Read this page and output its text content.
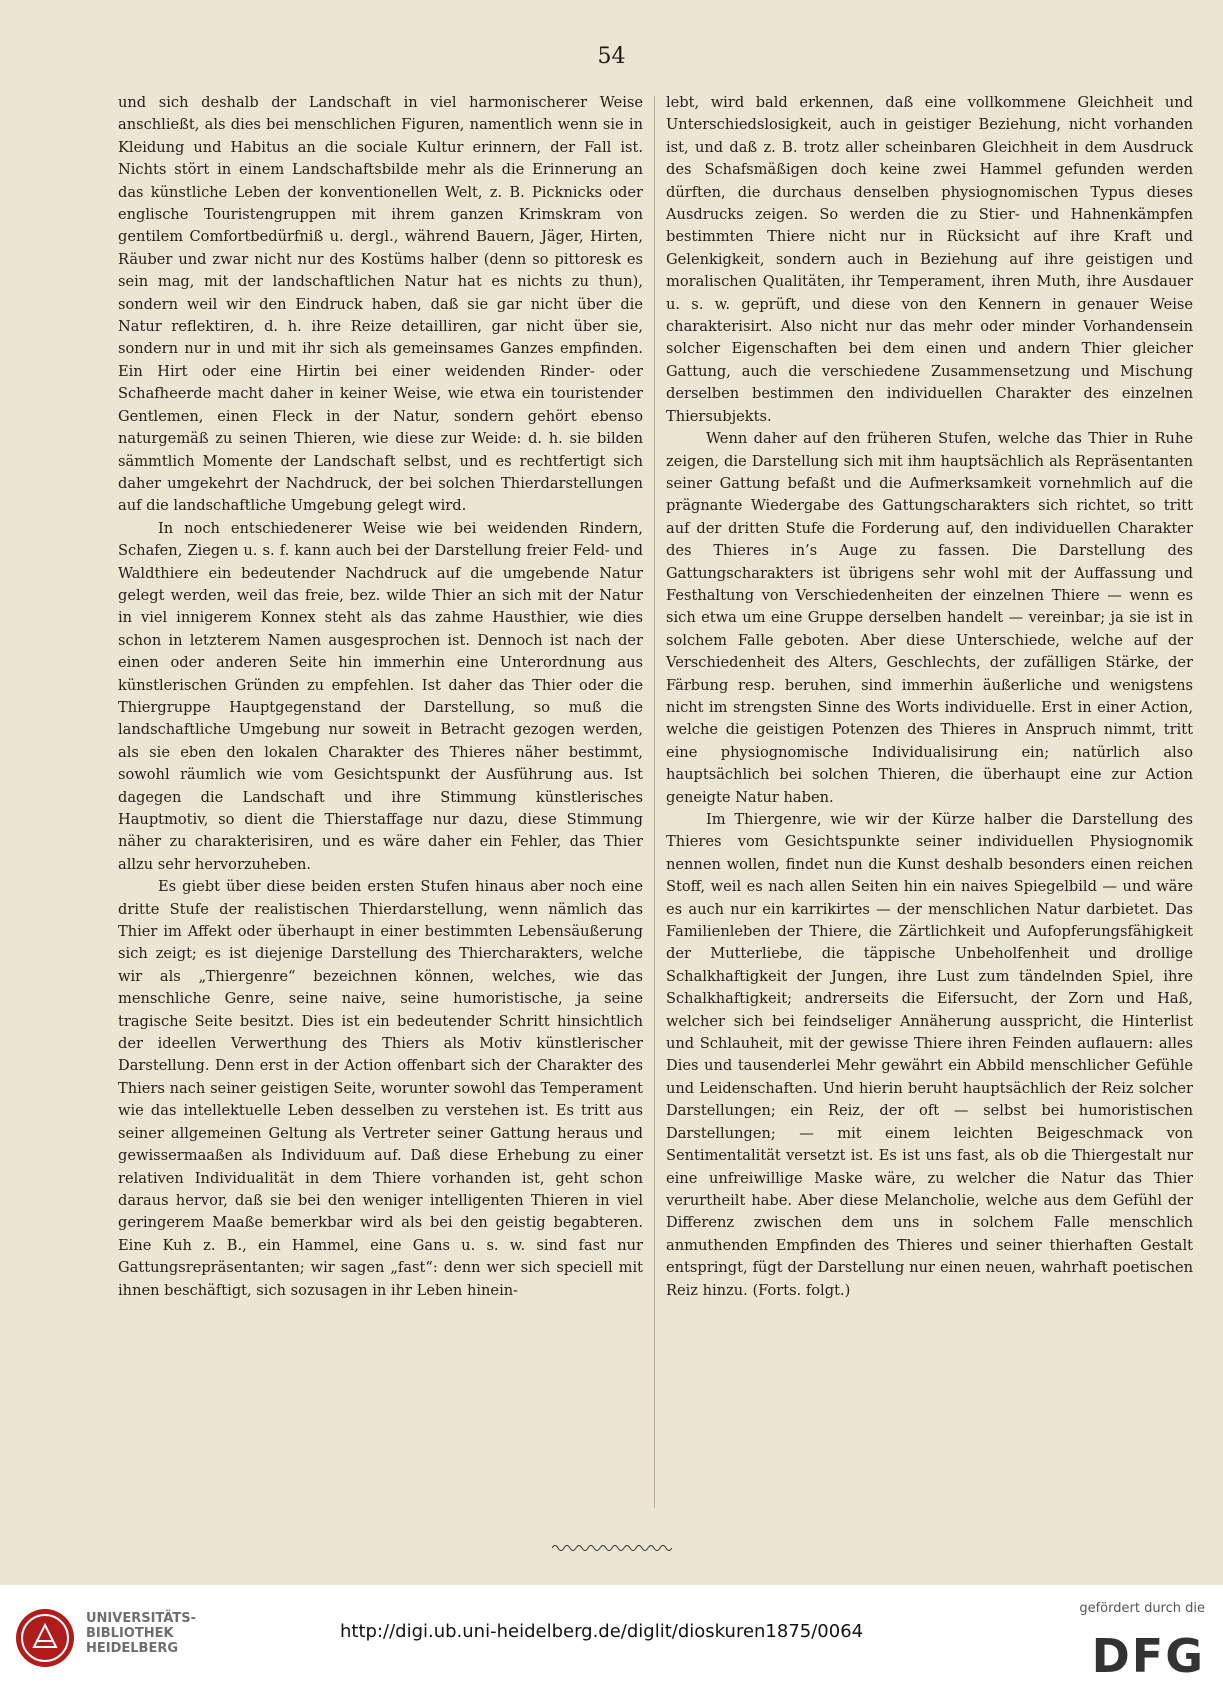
54

und sich deshalb der Landschaft in viel harmonischerer Weise anschließt, als dies bei menschlichen Figuren, namentlich wenn sie in Kleidung und Habitus an die sociale Kultur erinnern, der Fall ist. Nichts stört in einem Landschaftsbilde mehr als die Erinnerung an das künstliche Leben der konventionellen Welt, z. B. Picknicks oder englische Touristengruppen mit ihrem ganzen Krimskram von gentilem Comfortbedürfniß u. dergl., während Bauern, Jäger, Hirten, Räuber und zwar nicht nur des Kostüms halber (denn so pittoresk es sein mag, mit der landschaftlichen Natur hat es nichts zu thun), sondern weil wir den Eindruck haben, daß sie gar nicht über die Natur reflektiren, d. h. ihre Reize detailliren, gar nicht über sie, sondern nur in und mit ihr sich als gemeinsames Ganzes empfinden. Ein Hirt oder eine Hirtin bei einer weidenden Rinder- oder Schafheerde macht daher in keiner Weise, wie etwa ein touristender Gentlemen, einen Fleck in der Natur, sondern gehört ebenso naturgemäß zu seinen Thieren, wie diese zur Weide: d. h. sie bilden sämmtlich Momente der Landschaft selbst, und es rechtfertigt sich daher umgekehrt der Nachdruck, der bei solchen Thierdarstellungen auf die landschaftliche Umgebung gelegt wird.

In noch entschiedenerer Weise wie bei weidenden Rindern, Schafen, Ziegen u. s. f. kann auch bei der Darstellung freier Feld- und Waldthiere ein bedeutender Nachdruck auf die umgebende Natur gelegt werden, weil das freie, bez. wilde Thier an sich mit der Natur in viel innigerem Konnex steht als das zahme Hausthier, wie dies schon in letzterem Namen ausgesprochen ist. Dennoch ist nach der einen oder anderen Seite hin immerhin eine Unterordnung aus künstlerischen Gründen zu empfehlen. Ist daher das Thier oder die Thiergruppe Hauptgegenstand der Darstellung, so muß die landschaftliche Umgebung nur soweit in Betracht gezogen werden, als sie eben den lokalen Charakter des Thieres näher bestimmt, sowohl räumlich wie vom Gesichtspunkt der Ausführung aus. Ist dagegen die Landschaft und ihre Stimmung künstlerisches Hauptmotiv, so dient die Thierstaffage nur dazu, diese Stimmung näher zu charakterisiren, und es wäre daher ein Fehler, das Thier allzu sehr hervorzuheben.

Es giebt über diese beiden ersten Stufen hinaus aber noch eine dritte Stufe der realistischen Thierdarstellung, wenn nämlich das Thier im Affekt oder überhaupt in einer bestimmten Lebensäußerung sich zeigt; es ist diejenige Darstellung des Thiercharakters, welche wir als „Thiergenre“ bezeichnen können, welches, wie das menschliche Genre, seine naive, seine humoristische, ja seine tragische Seite besitzt. Dies ist ein bedeutender Schritt hinsichtlich der ideellen Verwerthung des Thiers als Motiv künstlerischer Darstellung. Denn erst in der Action offenbart sich der Charakter des Thiers nach seiner geistigen Seite, worunter sowohl das Temperament wie das intellektuelle Leben desselben zu verstehen ist. Es tritt aus seiner allgemeinen Geltung als Vertreter seiner Gattung heraus und gewissermaaßen als Individuum auf. Daß diese Erhebung zu einer relativen Individualität in dem Thiere vorhanden ist, geht schon daraus hervor, daß sie bei den weniger intelligenten Thieren in viel geringerem Maaße bemerkbar wird als bei den geistig begabteren. Eine Kuh z. B., ein Hammel, eine Gans u. s. w. sind fast nur Gattungsrepräsentanten; wir sagen „fast“: denn wer sich speciell mit ihnen beschäftigt, sich sozusagen in ihr Leben hinein-

lebt, wird bald erkennen, daß eine vollkommene Gleichheit und Unterschiedslosigkeit, auch in geistiger Beziehung, nicht vorhanden ist, und daß z. B. trotz aller scheinbaren Gleichheit in dem Ausdruck des Schafsmäßigen doch keine zwei Hammel gefunden werden dürften, die durchaus denselben physiognomischen Typus dieses Ausdrucks zeigen. So werden die zu Stier- und Hahnenkämpfen bestimmten Thiere nicht nur in Rücksicht auf ihre Kraft und Gelenkigkeit, sondern auch in Beziehung auf ihre geistigen und moralischen Qualitäten, ihr Temperament, ihren Muth, ihre Ausdauer u. s. w. geprüft, und diese von den Kennern in genauer Weise charakterisirt. Also nicht nur das mehr oder minder Vorhandensein solcher Eigenschaften bei dem einen und andern Thier gleicher Gattung, auch die verschiedene Zusammensetzung und Mischung derselben bestimmen den individuellen Charakter des einzelnen Thiersubjekts.

Wenn daher auf den früheren Stufen, welche das Thier in Ruhe zeigen, die Darstellung sich mit ihm hauptsächlich als Repräsentanten seiner Gattung befaßt und die Aufmerksamkeit vornehmlich auf die prägnante Wiedergabe des Gattungscharakters sich richtet, so tritt auf der dritten Stufe die Forderung auf, den individuellen Charakter des Thieres in’s Auge zu fassen. Die Darstellung des Gattungscharakters ist übrigens sehr wohl mit der Auffassung und Festhaltung von Verschiedenheiten der einzelnen Thiere — wenn es sich etwa um eine Gruppe derselben handelt — vereinbar; ja sie ist in solchem Falle geboten. Aber diese Unterschiede, welche auf der Verschiedenheit des Alters, Geschlechts, der zufälligen Stärke, der Färbung resp. beruhen, sind immerhin äußerliche und wenigstens nicht im strengsten Sinne des Worts individuelle. Erst in einer Action, welche die geistigen Potenzen des Thieres in Anspruch nimmt, tritt eine physiognomische Individualisirung ein; natürlich also hauptsächlich bei solchen Thieren, die überhaupt eine zur Action geneigte Natur haben.

Im Thiergenre, wie wir der Kürze halber die Darstellung des Thieres vom Gesichtspunkte seiner individuellen Physiognomik nennen wollen, findet nun die Kunst deshalb besonders einen reichen Stoff, weil es nach allen Seiten hin ein naives Spiegelbild — und wäre es auch nur ein karrikirtes — der menschlichen Natur darbietet. Das Familienleben der Thiere, die Zärtlichkeit und Aufopferungsfähigkeit der Mutterliebe, die täppische Unbeholfenheit und drollige Schalkhaftigkeit der Jungen, ihre Lust zum tändelnden Spiel, ihre Schalkhaftigkeit; andrerseits die Eifersucht, der Zorn und Haß, welcher sich bei feindseliger Annäherung ausspricht, die Hinterlist und Schlauheit, mit der gewisse Thiere ihren Feinden auflauern: alles Dies und tausenderlei Mehr gewährt ein Abbild menschlicher Gefühle und Leidenschaften. Und hierin beruht hauptsächlich der Reiz solcher Darstellungen; ein Reiz, der oft — selbst bei humoristischen Darstellungen; — mit einem leichten Beigeschmack von Sentimentalität versetzt ist. Es ist uns fast, als ob die Thiergestalt nur eine unfreiwillige Maske wäre, zu welcher die Natur das Thier verurtheilt habe. Aber diese Melancholie, welche aus dem Gefühl der Differenz zwischen dem uns in solchem Falle menschlich anmuthenden Empfinden des Thieres und seiner thierhaften Gestalt entspringt, fügt der Darstellung nur einen neuen, wahrhaft poetischen Reiz hinzu. (Forts. folgt.)

UNIVERSITÄTS-
BIBLIOTHEK
HEIDELBERG
http://digi.ub.uni-heidelberg.de/diglit/dioskuren1875/0064
gefördert durch die
DFG
